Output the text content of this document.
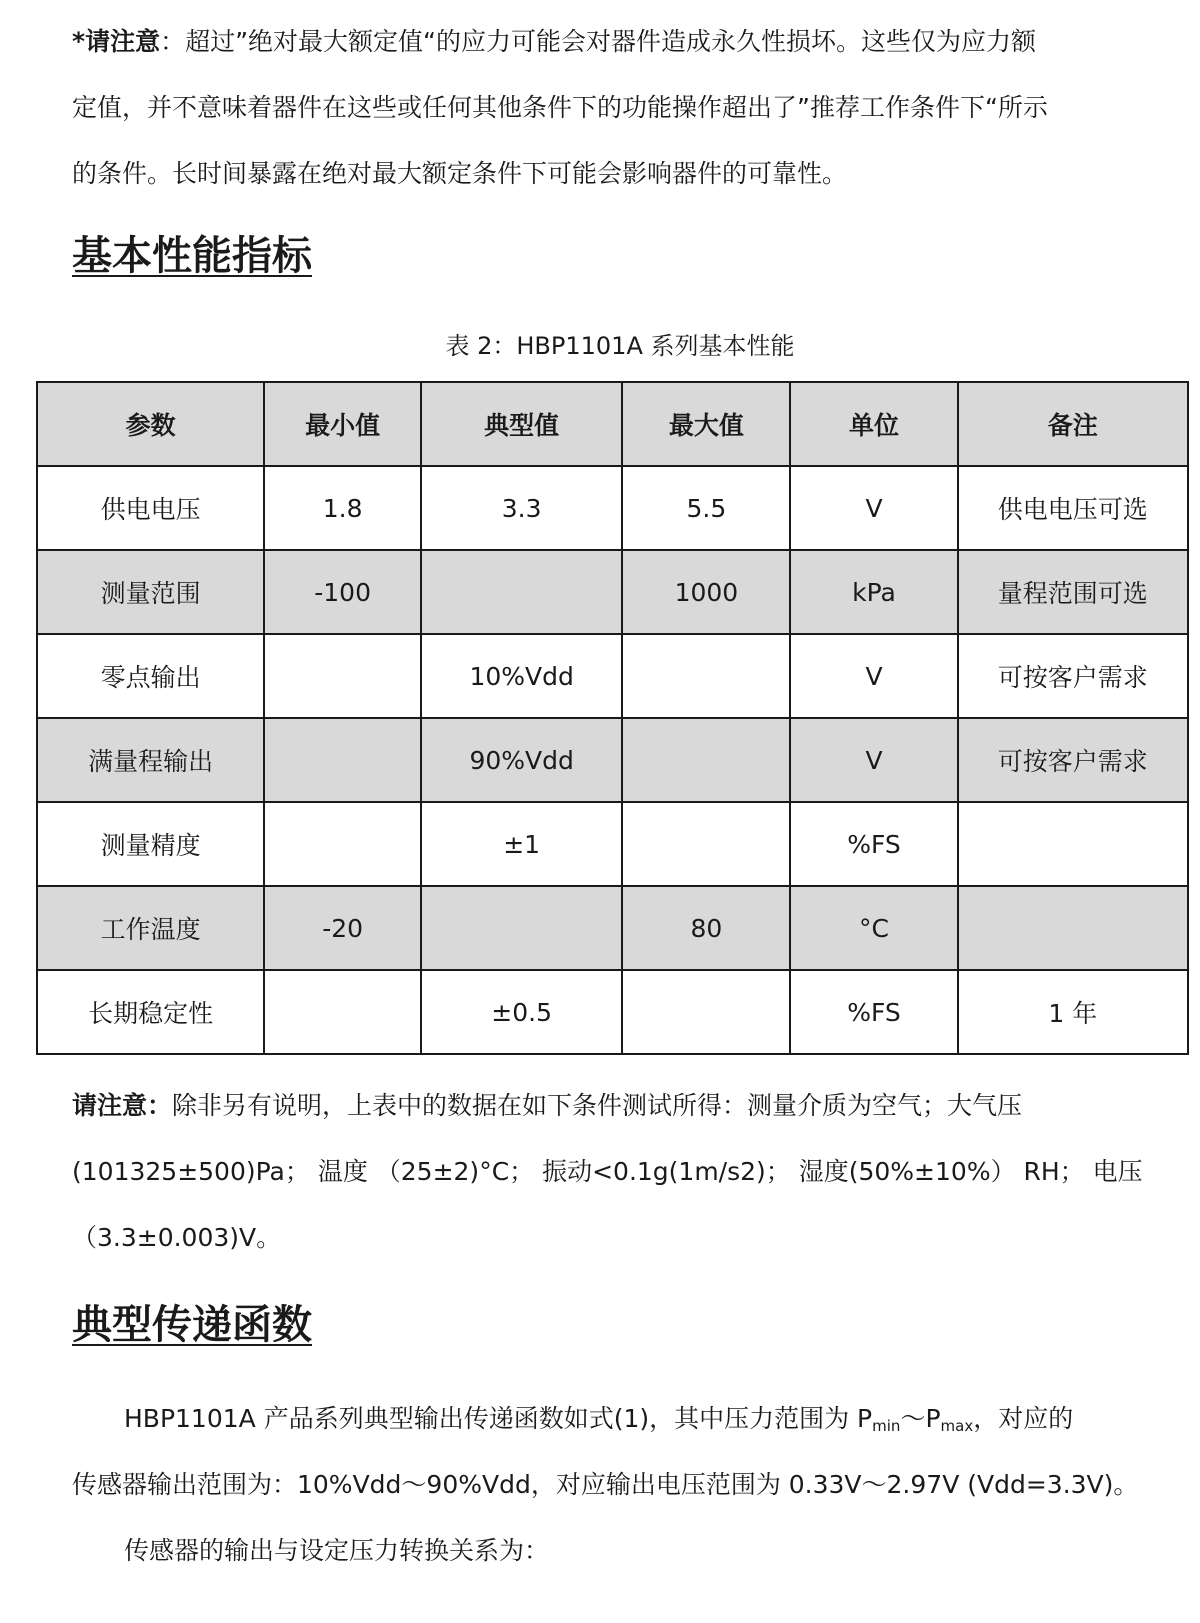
*请注意：超过”绝对最大额定值“的应力可能会对器件造成永久性损坏。这些仅为应力额
定值，并不意味着器件在这些或任何其他条件下的功能操作超出了”推荐工作条件下“所示
的条件。长时间暴露在绝对最大额定条件下可能会影响器件的可靠性。
基本性能指标

表 2：HBP1101A 系列基本性能

参数	最小值	典型值	最大值	单位	备注
供电电压	1.8	3.3	5.5	V	供电电压可选
测量范围	-100		1000	kPa	量程范围可选
零点输出		10%Vdd		V	可按客户需求
满量程输出		90%Vdd		V	可按客户需求
测量精度		±1		%FS	
工作温度	-20		80	°C	
长期稳定性		±0.5		%FS	1 年
请注意：除非另有说明，上表中的数据在如下条件测试所得：测量介质为空气；大气压
(101325±500)Pa； 温度 （25±2)°C； 振动<0.1g(1m/s2)； 湿度(50%±10%） RH； 电压
（3.3±0.003)V。
典型传递函数
HBP1101A 产品系列典型输出传递函数如式(1)，其中压力范围为 $P_{min}\sim P_{max}$，对应的
传感器输出范围为：10%Vdd～90%Vdd，对应输出电压范围为 0.33V～2.97V (Vdd=3.3V)。
传感器的输出与设定压力转换关系为：
